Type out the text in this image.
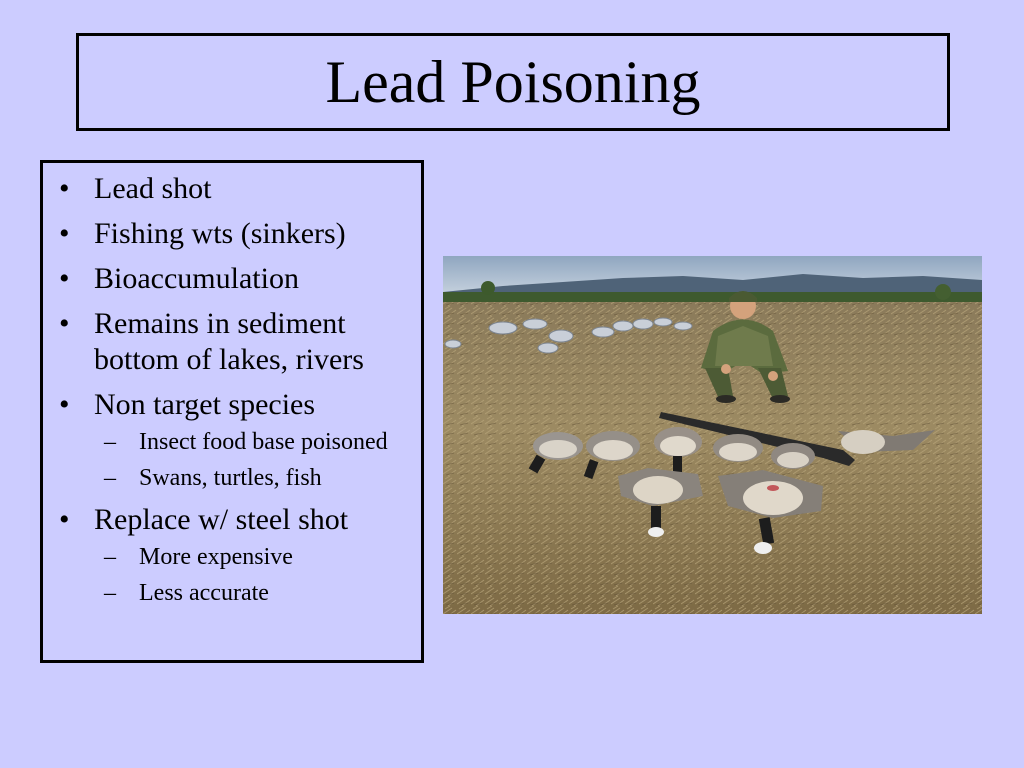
Lead Poisoning
• Lead shot
• Fishing wts (sinkers)
• Bioaccumulation
• Remains in sediment bottom of lakes, rivers
• Non target species
– Insect food base poisoned
– Swans, turtles, fish
• Replace w/ steel shot
– More expensive
– Less accurate
